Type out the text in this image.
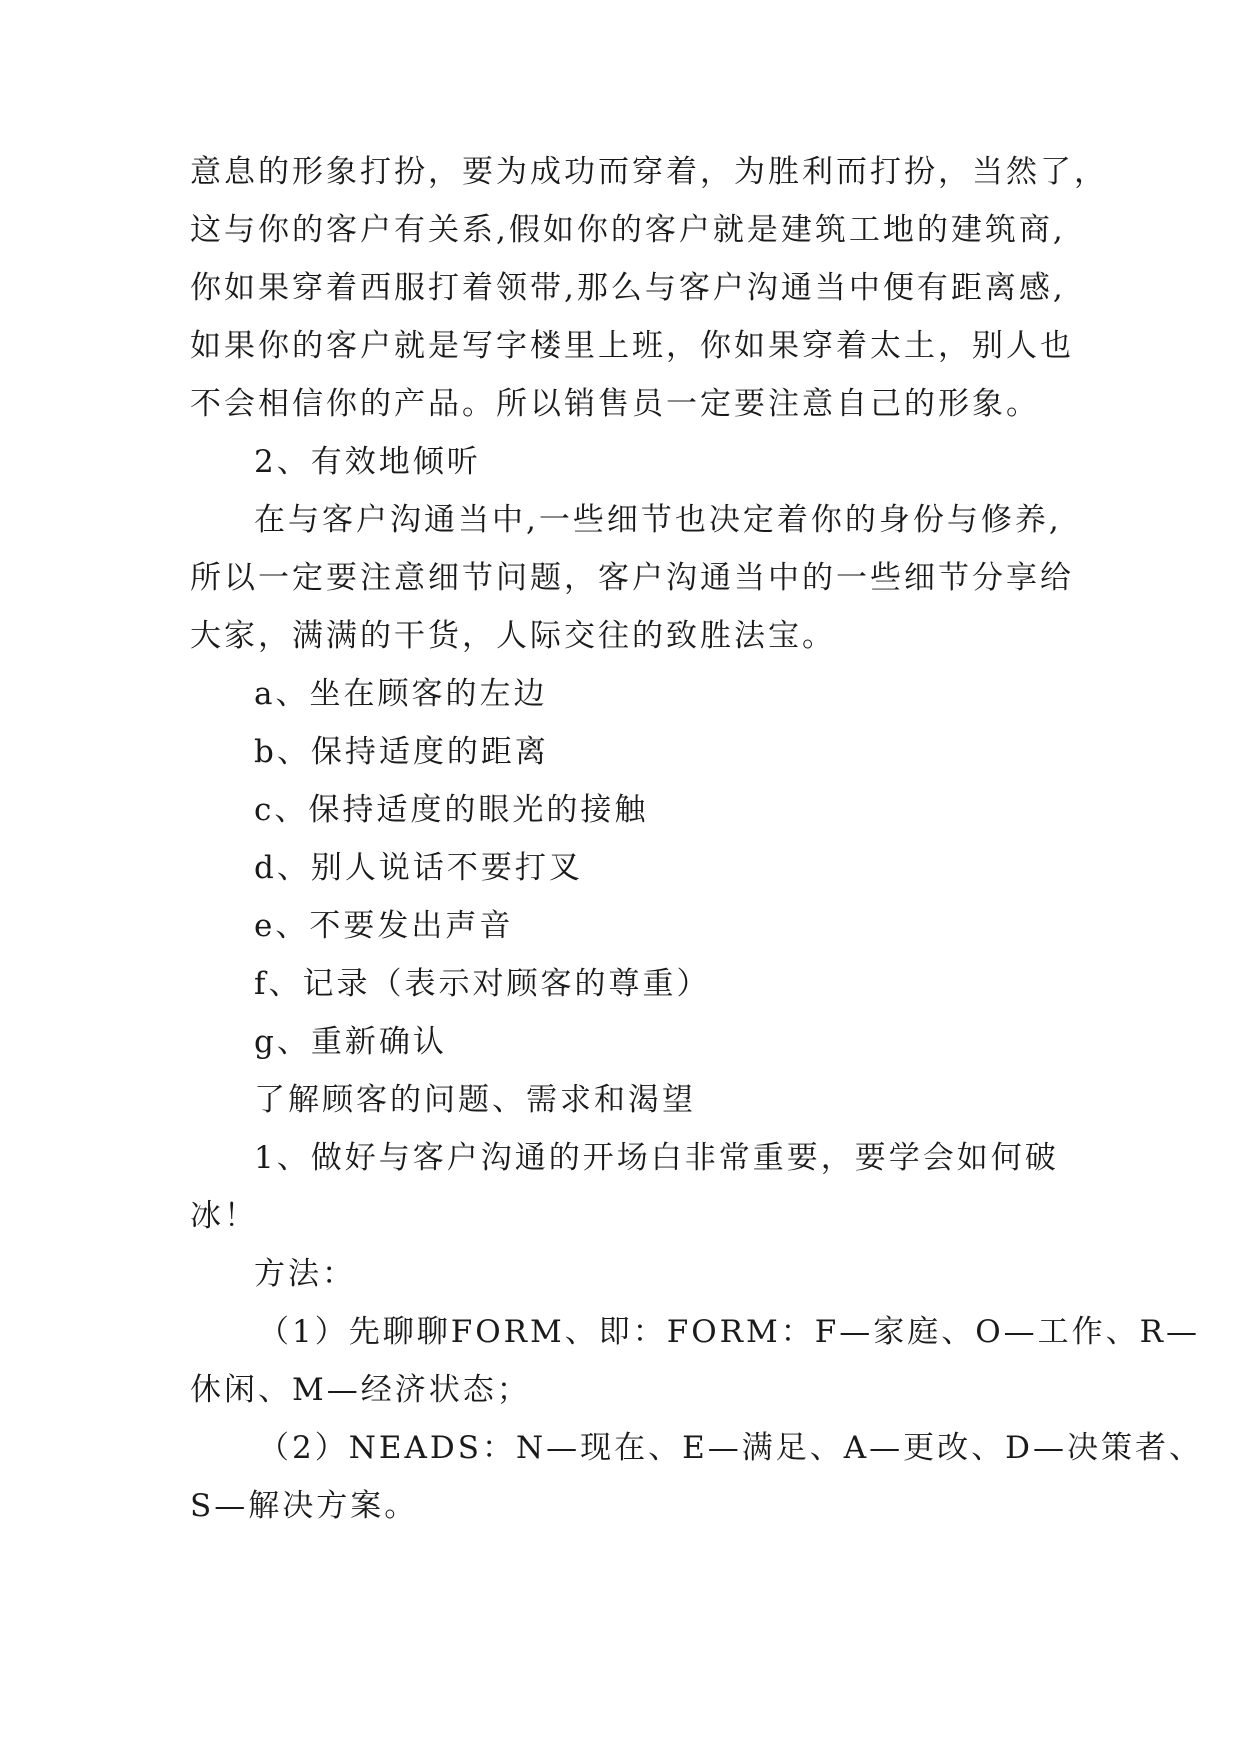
意息的形象打扮，要为成功而穿着，为胜利而打扮，当然了，
这与你的客户有关系,假如你的客户就是建筑工地的建筑商,
你如果穿着西服打着领带,那么与客户沟通当中便有距离感,
如果你的客户就是写字楼里上班，你如果穿着太土，别人也
不会相信你的产品。所以销售员一定要注意自己的形象。
2、有效地倾听
在与客户沟通当中,一些细节也决定着你的身份与修养,
所以一定要注意细节问题，客户沟通当中的一些细节分享给
大家，满满的干货，人际交往的致胜法宝。
a、坐在顾客的左边
b、保持适度的距离
c、保持适度的眼光的接触
d、别人说话不要打叉
e、不要发出声音
f、记录（表示对顾客的尊重）
g、重新确认
了解顾客的问题、需求和渴望
1、做好与客户沟通的开场白非常重要，要学会如何破
冰！
方法：
（1）先聊聊FORM、即：FORM：F—家庭、O—工作、R—
休闲、M—经济状态；
（2）NEADS：N—现在、E—满足、A—更改、D—决策者、
S—解决方案。
